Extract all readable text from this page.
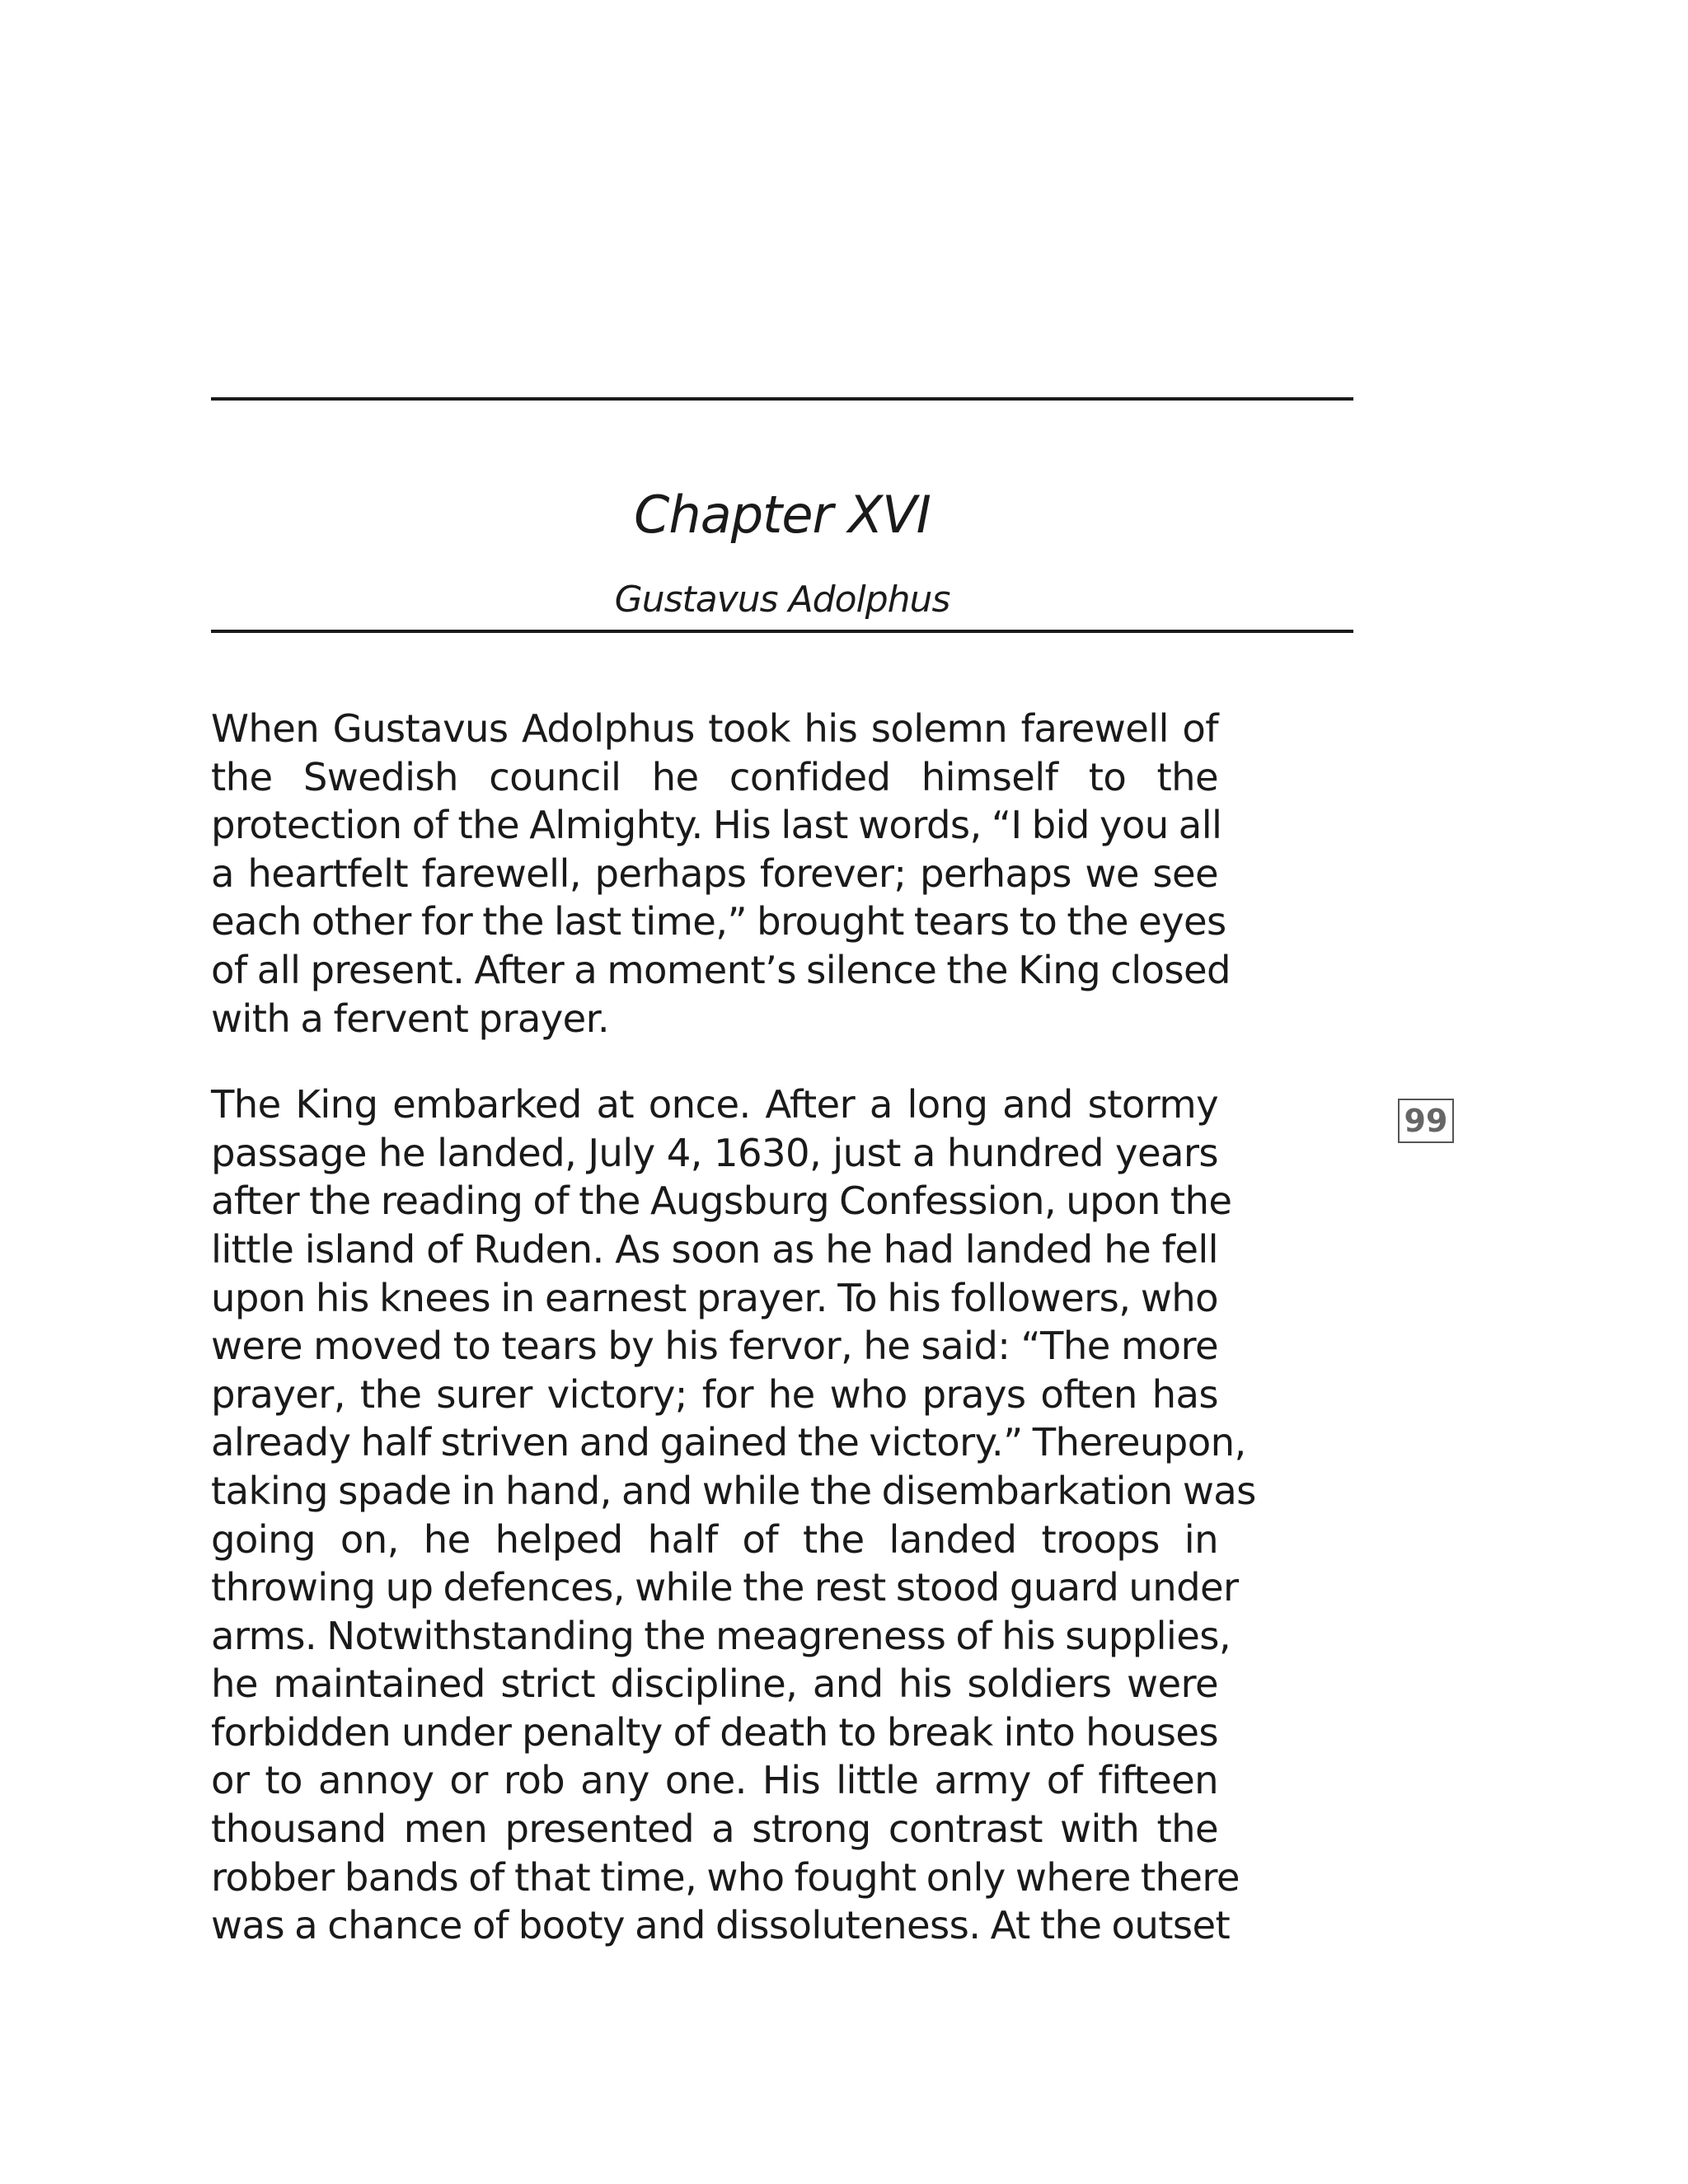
Chapter XVI
Gustavus Adolphus
When Gustavus Adolphus took his solemn farewell of
the Swedish council he confided himself to the
protection of the Almighty. His last words, “I bid you all
a heartfelt farewell, perhaps forever; perhaps we see
each other for the last time,” brought tears to the eyes
of all present. After a moment’s silence the King closed
with a fervent prayer.
The King embarked at once. After a long and stormy
passage he landed, July 4, 1630, just a hundred years
after the reading of the Augsburg Confession, upon the
little island of Ruden. As soon as he had landed he fell
upon his knees in earnest prayer. To his followers, who
were moved to tears by his fervor, he said: “The more
prayer, the surer victory; for he who prays often has
already half striven and gained the victory.” Thereupon,
taking spade in hand, and while the disembarkation was
going on, he helped half of the landed troops in
throwing up defences, while the rest stood guard under
arms. Notwithstanding the meagreness of his supplies,
he maintained strict discipline, and his soldiers were
forbidden under penalty of death to break into houses
or to annoy or rob any one. His little army of fifteen
thousand men presented a strong contrast with the
robber bands of that time, who fought only where there
was a chance of booty and dissoluteness. At the outset
99
